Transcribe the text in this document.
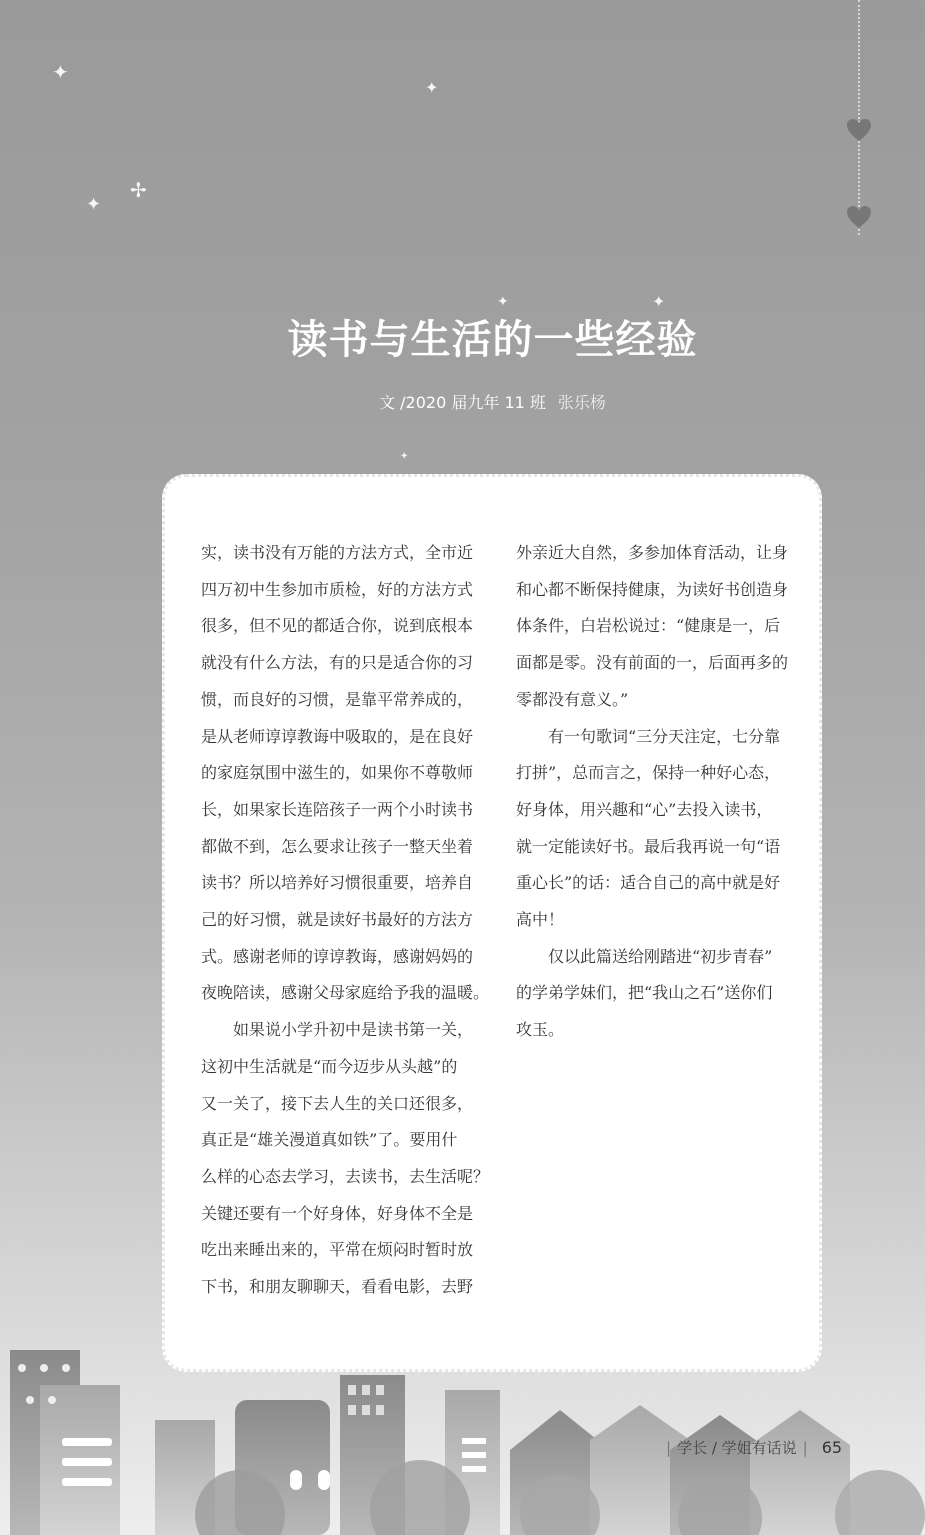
✦
✦
✢
✦
✦	✦
✦
读书与生活的一些经验
文 /2020 届九年 11 班 张乐杨

实，读书没有万能的方法方式，全市近

四万初中生参加市质检，好的方法方式

很多，但不见的都适合你，说到底根本

就没有什么方法，有的只是适合你的习

惯，而良好的习惯，是靠平常养成的，

是从老师谆谆教诲中吸取的，是在良好

的家庭氛围中滋生的，如果你不尊敬师

长，如果家长连陪孩子一两个小时读书

都做不到，怎么要求让孩子一整天坐着

读书？所以培养好习惯很重要，培养自

己的好习惯，就是读好书最好的方法方

式。感谢老师的谆谆教诲，感谢妈妈的

夜晚陪读，感谢父母家庭给予我的温暖。

　　如果说小学升初中是读书第一关，

这初中生活就是“而今迈步从头越”的

又一关了，接下去人生的关口还很多，

真正是“雄关漫道真如铁”了。要用什

么样的心态去学习，去读书，去生活呢？

关键还要有一个好身体，好身体不全是

吃出来睡出来的，平常在烦闷时暂时放

下书，和朋友聊聊天，看看电影，去野

外亲近大自然，多参加体育活动，让身

和心都不断保持健康，为读好书创造身

体条件，白岩松说过：“健康是一，后

面都是零。没有前面的一，后面再多的

零都没有意义。”

　　有一句歌词“三分天注定，七分靠

打拼”，总而言之，保持一种好心态，

好身体，用兴趣和“心”去投入读书，

就一定能读好书。最后我再说一句“语

重心长”的话：适合自己的高中就是好

高中！

　　仅以此篇送给刚踏进“初步青春”

的学弟学妹们，把“我山之石”送你们

攻玉。

| 学长 / 学姐有话说 | 65
